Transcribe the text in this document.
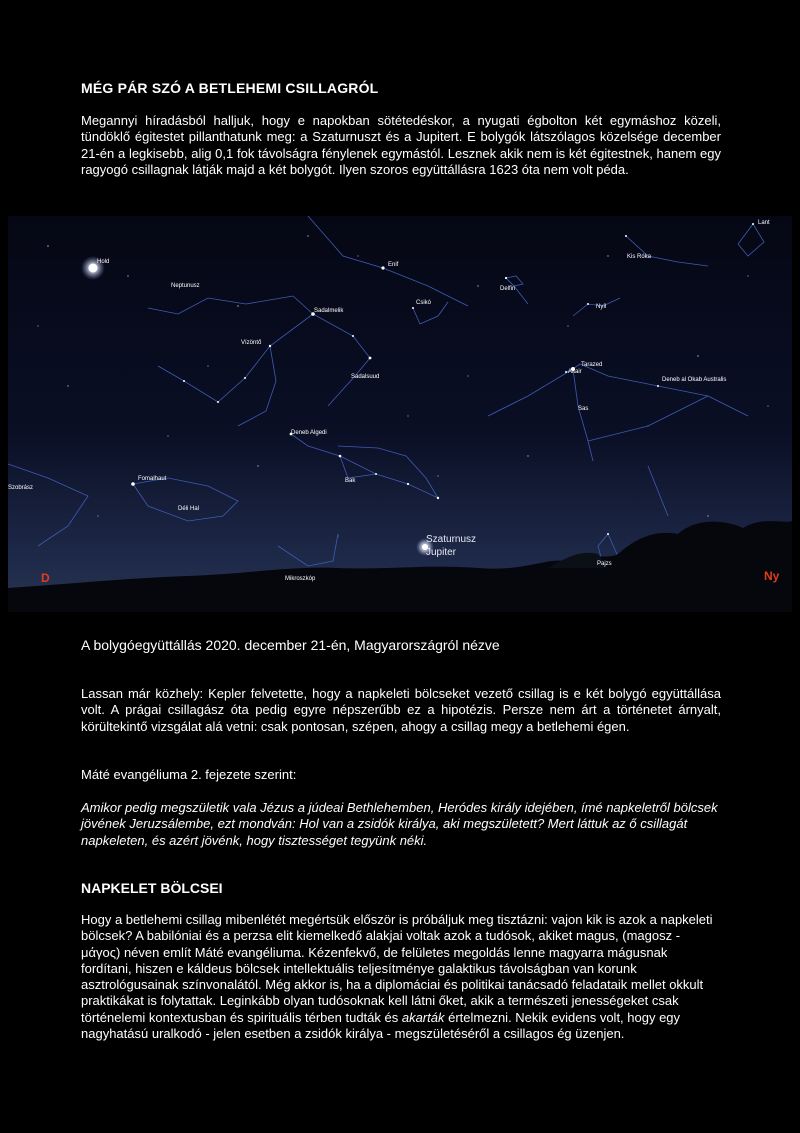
MÉG PÁR SZÓ A BETLEHEMI CSILLAGRÓL

Megannyi híradásból halljuk, hogy e napokban sötétedéskor, a nyugati égbolton két egymáshoz közeli, tündöklő égitestet pillanthatunk meg: a Szaturnuszt és a Jupitert. E bolygók látszólagos közelsége december 21-én a legkisebb, alig 0,1 fok távolságra fénylenek egymástól. Lesznek akik nem is két égitestnek, hanem egy ragyogó csillagnak látják majd a két bolygót. Ilyen szoros együttállásra 1623 óta nem volt péda.

Hold
Neptunusz
Sadalmelik
Vízöntő
Sadalsuud
Deneb Algedi
Fomalhaut
Déli Hal
Szobrász
Bak
Mikroszkóp
Enif
Csikó
Delfin
Kis Róka
Lant
Nyíl
Tarazed
Altair
Sas
Deneb al Okab Australis
Pajzs
Szaturnusz
Jupiter
D	Ny

A bolygóegyüttállás 2020. december 21-én, Magyarországról nézve

Lassan már közhely: Kepler felvetette, hogy a napkeleti bölcseket vezető csillag is e két bolygó együttállása volt. A prágai csillagász óta pedig egyre népszerűbb ez a hipotézis. Persze nem árt a történetet árnyalt, körültekintő vizsgálat alá vetni: csak pontosan, szépen, ahogy a csillag megy a betlehemi égen.

Máté evangéliuma 2. fejezete szerint:

Amikor pedig megszületik vala Jézus a júdeai Bethlehemben, Heródes király idejében, ímé napkeletről bölcsek jövének Jeruzsálembe, ezt mondván: Hol van a zsidók királya, aki megszületett? Mert láttuk az ő csillagát napkeleten, és azért jövénk, hogy tisztességet tegyünk néki.

NAPKELET BÖLCSEI

Hogy a betlehemi csillag mibenlétét megértsük először is próbáljuk meg tisztázni: vajon kik is azok a napkeleti bölcsek? A babilóniai és a perzsa elit kiemelkedő alakjai voltak azok a tudósok, akiket magus, (magosz - μάγος) néven említ Máté evangéliuma. Kézenfekvő, de felületes megoldás lenne magyarra mágusnak fordítani, hiszen e káldeus bölcsek intellektuális teljesítménye galaktikus távolságban van korunk asztrológusainak színvonalától. Még akkor is, ha a diplomáciai és politikai tanácsadó feladataik mellet okkult praktikákat is folytattak. Leginkább olyan tudósoknak kell látni őket, akik a természeti jenességeket csak történelemi kontextusban és spirituális térben tudták és akarták értelmezni. Nekik evidens volt, hogy egy nagyhatású uralkodó - jelen esetben a zsidók királya - megszületéséről a csillagos ég üzenjen.
